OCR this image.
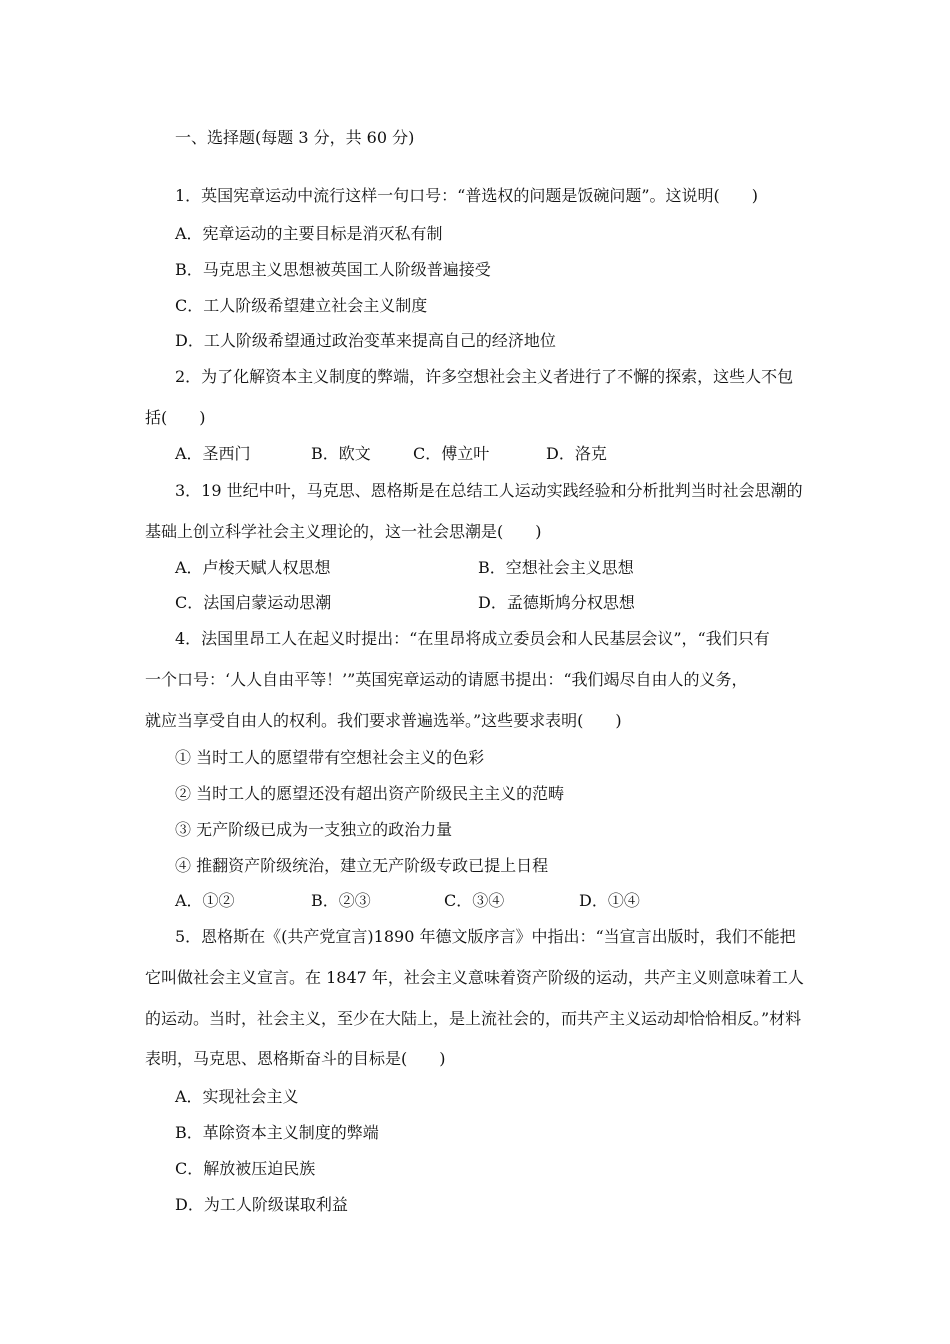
一、选择题(每题 3 分，共 60 分)
1．英国宪章运动中流行这样一句口号：“普选权的问题是饭碗问题”。这说明(　　)
A．宪章运动的主要目标是消灭私有制
B．马克思主义思想被英国工人阶级普遍接受
C．工人阶级希望建立社会主义制度
D．工人阶级希望通过政治变革来提高自己的经济地位
2．为了化解资本主义制度的弊端，许多空想社会主义者进行了不懈的探索，这些人不包
括(　　)
A．圣西门	B．欧文	C．傅立叶	D．洛克
3．19 世纪中叶，马克思、恩格斯是在总结工人运动实践经验和分析批判当时社会思潮的
基础上创立科学社会主义理论的，这一社会思潮是(　　)
A．卢梭天赋人权思想	B．空想社会主义思想
C．法国启蒙运动思潮	D．孟德斯鸠分权思想
4．法国里昂工人在起义时提出：“在里昂将成立委员会和人民基层会议”，“我们只有
一个口号：‘人人自由平等！’”英国宪章运动的请愿书提出：“我们竭尽自由人的义务，
就应当享受自由人的权利。我们要求普遍选举。”这些要求表明(　　)
① 当时工人的愿望带有空想社会主义的色彩
② 当时工人的愿望还没有超出资产阶级民主主义的范畴
③ 无产阶级已成为一支独立的政治力量
④ 推翻资产阶级统治，建立无产阶级专政已提上日程
A．①②	B．②③	C．③④	D．①④
5．恩格斯在《(共产党宣言)1890 年德文版序言》中指出：“当宣言出版时，我们不能把
它叫做社会主义宣言。在 1847 年，社会主义意味着资产阶级的运动，共产主义则意味着工人
的运动。当时，社会主义，至少在大陆上，是上流社会的，而共产主义运动却恰恰相反。”材料
表明，马克思、恩格斯奋斗的目标是(　　)
A．实现社会主义
B．革除资本主义制度的弊端
C．解放被压迫民族
D．为工人阶级谋取利益
